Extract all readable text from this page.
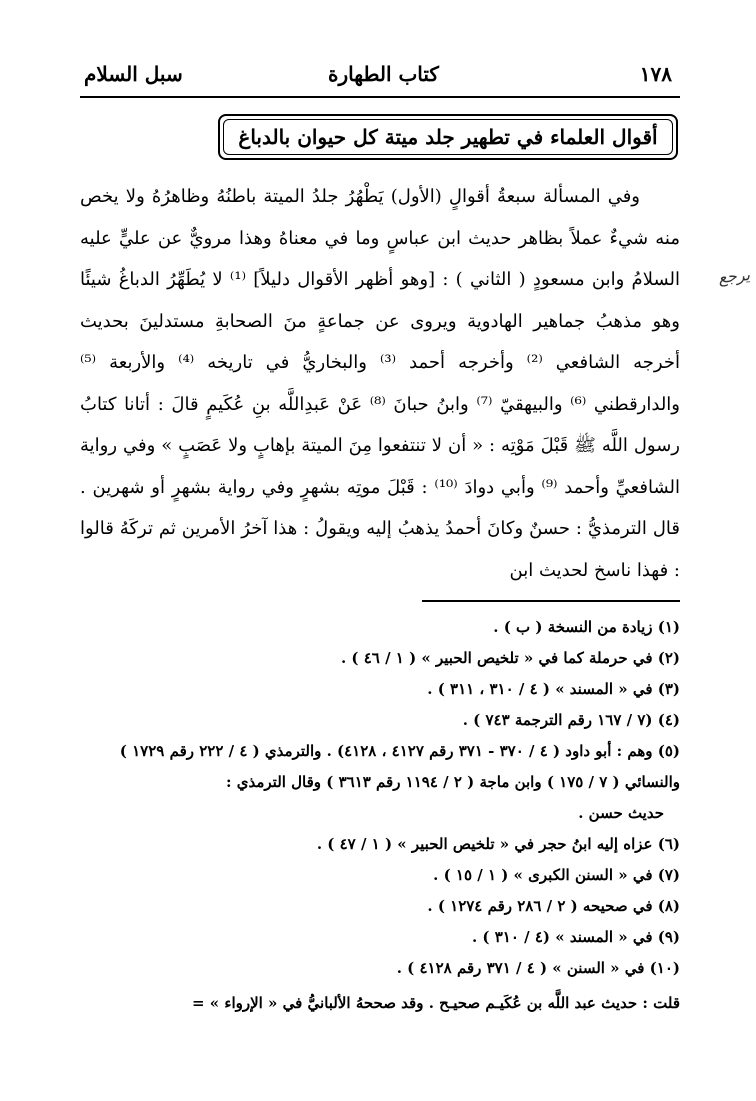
١٧٨
كتاب الطهارة
سبل السلام
أقوال العلماء في تطهير جلد ميتة كل حيوان بالدباغ

وفي المسألة سبعةُ أقوالٍ (الأول) يَطْهُرُ جلدُ الميتة باطنُهُ وظاهرُهُ ولا يخص منه شيءٌ عملاً بظاهر حديث ابن عباسٍ وما في معناهُ وهذا مرويٌّ عن عليٍّ عليه السلامُ وابن مسعودٍ ( الثاني ) : [وهو أظهر الأقوال دليلاً] ⁽¹⁾ لا يُطَهِّرُ الدباغُ شيئًا وهو مذهبُ جماهير الهادوية ويروى عن جماعةٍ منَ الصحابةِ مستدلينَ بحديث أخرجه الشافعي ⁽²⁾ وأخرجه أحمد ⁽³⁾ والبخاريُّ في تاريخه ⁽⁴⁾ والأربعة ⁽⁵⁾ والدارقطني ⁽⁶⁾ والبيهقيّ ⁽⁷⁾ وابنُ حبانَ ⁽⁸⁾ عَنْ عَبدِاللَّه بنِ عُكَيمٍ قالَ : أتانا كتابُ رسول اللَّه ﷺ قَبْلَ مَوْتِه : « أن لا تنتفعوا مِنَ الميتة بإهابٍ ولا عَصَبٍ » وفي رواية الشافعيِّ وأحمد ⁽⁹⁾ وأبي دوادَ ⁽¹⁰⁾ : قَبْلَ موتِه بشهرٍ وفي رواية بشهرٍ أو شهرين . قال الترمذيُّ : حسنٌ وكانَ أحمدُ يذهبُ إليه ويقولُ : هذا آخرُ الأمرين ثم تركَهُ قالوا : فهذا ناسخ لحديث ابن

يرجع

(١) زيادة من النسخة ( ب ) .

(٢) في حرملة كما في « تلخيص الحبير » ( ١ / ٤٦ ) .

(٣) في « المسند » ( ٤ / ٣١٠ ، ٣١١ ) .

(٤) (٧ / ١٦٧ رقم الترجمة ٧٤٣ ) .

(٥) وهم : أبو داود ( ٤ / ٣٧٠ - ٣٧١ رقم ٤١٢٧ ، ٤١٢٨) . والترمذي ( ٤ / ٢٢٢ رقم ١٧٢٩ ) والنسائي ( ٧ / ١٧٥ ) وابن ماجة ( ٢ / ١١٩٤ رقم ٣٦١٣ ) وقال الترمذي :

حديث حسن .

(٦) عزاه إليه ابنُ حجر في « تلخيص الحبير » ( ١ / ٤٧ ) .

(٧) في « السنن الكبرى » ( ١ / ١٥ ) .

(٨) في صحيحه ( ٢ / ٢٨٦ رقم ١٢٧٤ ) .

(٩) في « المسند » (٤ / ٣١٠ ) .

(١٠) في « السنن » ( ٤ / ٣٧١ رقم ٤١٢٨ ) .

قلت : حديث عبد اللَّه بن عُكَيـم صحيـح . وقد صححهُ الألبانيُّ في « الإرواء » =
